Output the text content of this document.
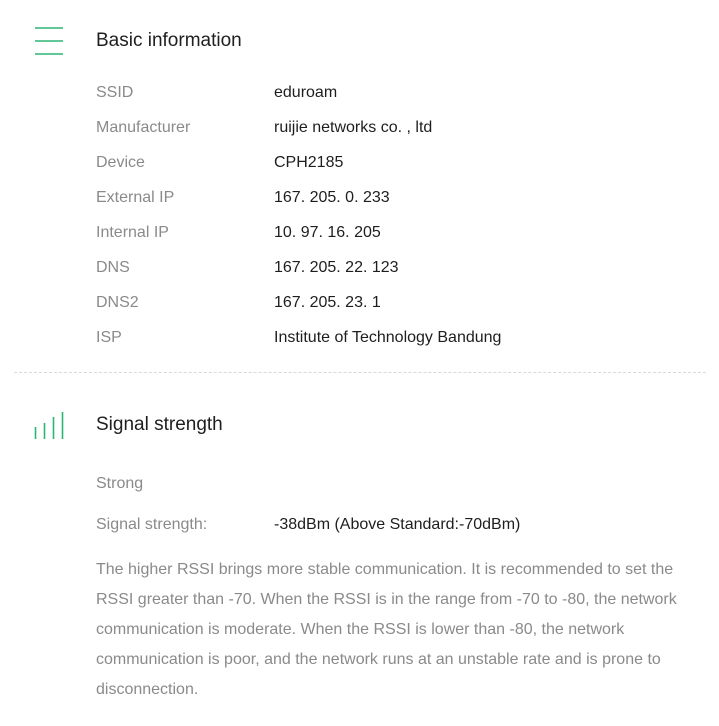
Basic information
SSID	eduroam
Manufacturer	ruijie networks co. , ltd
Device	CPH2185
External IP	167. 205. 0. 233
Internal IP	10. 97. 16. 205
DNS	167. 205. 22. 123
DNS2	167. 205. 23. 1
ISP	Institute of Technology Bandung
Signal strength
Strong
Signal strength:	-38dBm (Above Standard:-70dBm)
The higher RSSI brings more stable communication. It is recommended to set the RSSI greater than -70. When the RSSI is in the range from -70 to -80, the network communication is moderate. When the RSSI is lower than -80, the network communication is poor, and the network runs at an unstable rate and is prone to disconnection.
